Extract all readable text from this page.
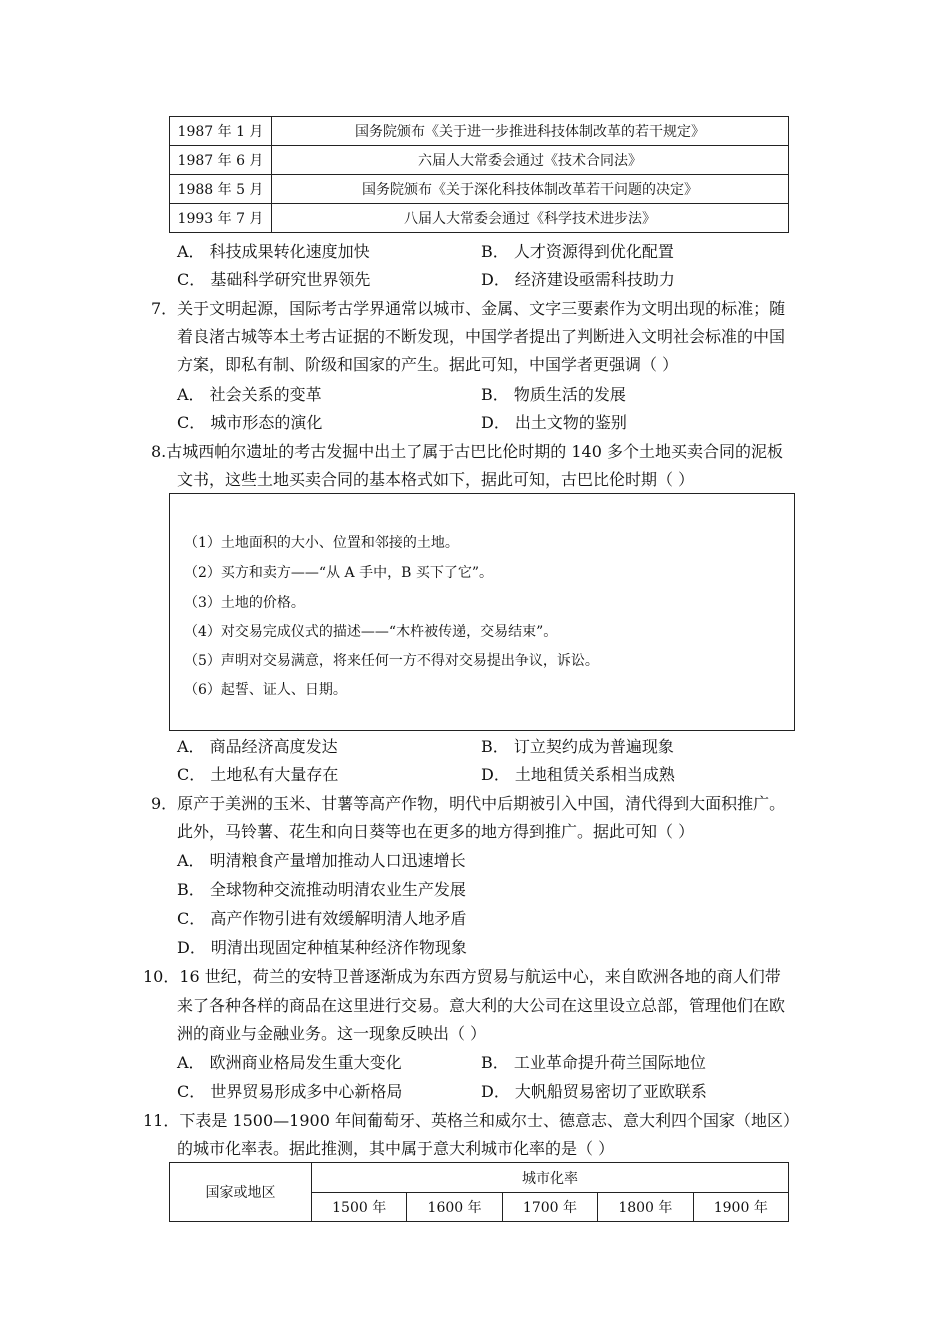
1987 年 1 月	国务院颁布《关于进一步推进科技体制改革的若干规定》
1987 年 6 月	六届人大常委会通过《技术合同法》
1988 年 5 月	国务院颁布《关于深化科技体制改革若干问题的决定》
1993 年 7 月	八届人大常委会通过《科学技术进步法》
A． 科技成果转化速度加快	B． 人才资源得到优化配置
C． 基础科学研究世界领先	D． 经济建设亟需科技助力
7．关于文明起源，国际考古学界通常以城市、金属、文字三要素作为文明出现的标准；随
着良渚古城等本土考古证据的不断发现，中国学者提出了判断进入文明社会标准的中国
方案，即私有制、阶级和国家的产生。据此可知，中国学者更强调（ ）
A． 社会关系的变革	B． 物质生活的发展
C． 城市形态的演化	D． 出土文物的鉴别
8.古城西帕尔遗址的考古发掘中出土了属于古巴比伦时期的 140 多个土地买卖合同的泥板
文书，这些土地买卖合同的基本格式如下，据此可知，古巴比伦时期（ ）
（1）土地面积的大小、位置和邻接的土地。
（2）买方和卖方——“从 A 手中，B 买下了它”。
（3）土地的价格。
（4）对交易完成仪式的描述——“木杵被传递，交易结束”。
（5）声明对交易满意，将来任何一方不得对交易提出争议，诉讼。
（6）起誓、证人、日期。
A． 商品经济高度发达	B． 订立契约成为普遍现象
C． 土地私有大量存在	D． 土地租赁关系相当成熟
9．原产于美洲的玉米、甘薯等高产作物，明代中后期被引入中国，清代得到大面积推广。
此外，马铃薯、花生和向日葵等也在更多的地方得到推广。据此可知（ ）
A． 明清粮食产量增加推动人口迅速增长
B． 全球物种交流推动明清农业生产发展
C． 高产作物引进有效缓解明清人地矛盾
D． 明清出现固定种植某种经济作物现象
10．16 世纪，荷兰的安特卫普逐渐成为东西方贸易与航运中心，来自欧洲各地的商人们带
来了各种各样的商品在这里进行交易。意大利的大公司在这里设立总部，管理他们在欧
洲的商业与金融业务。这一现象反映出（ ）
A． 欧洲商业格局发生重大变化	B． 工业革命提升荷兰国际地位
C． 世界贸易形成多中心新格局	D． 大帆船贸易密切了亚欧联系
11．下表是 1500—1900 年间葡萄牙、英格兰和威尔士、德意志、意大利四个国家（地区）
的城市化率表。据此推测，其中属于意大利城市化率的是（ ）
国家或地区	城市化率				
	1500 年	1600 年	1700 年	1800 年	1900 年
